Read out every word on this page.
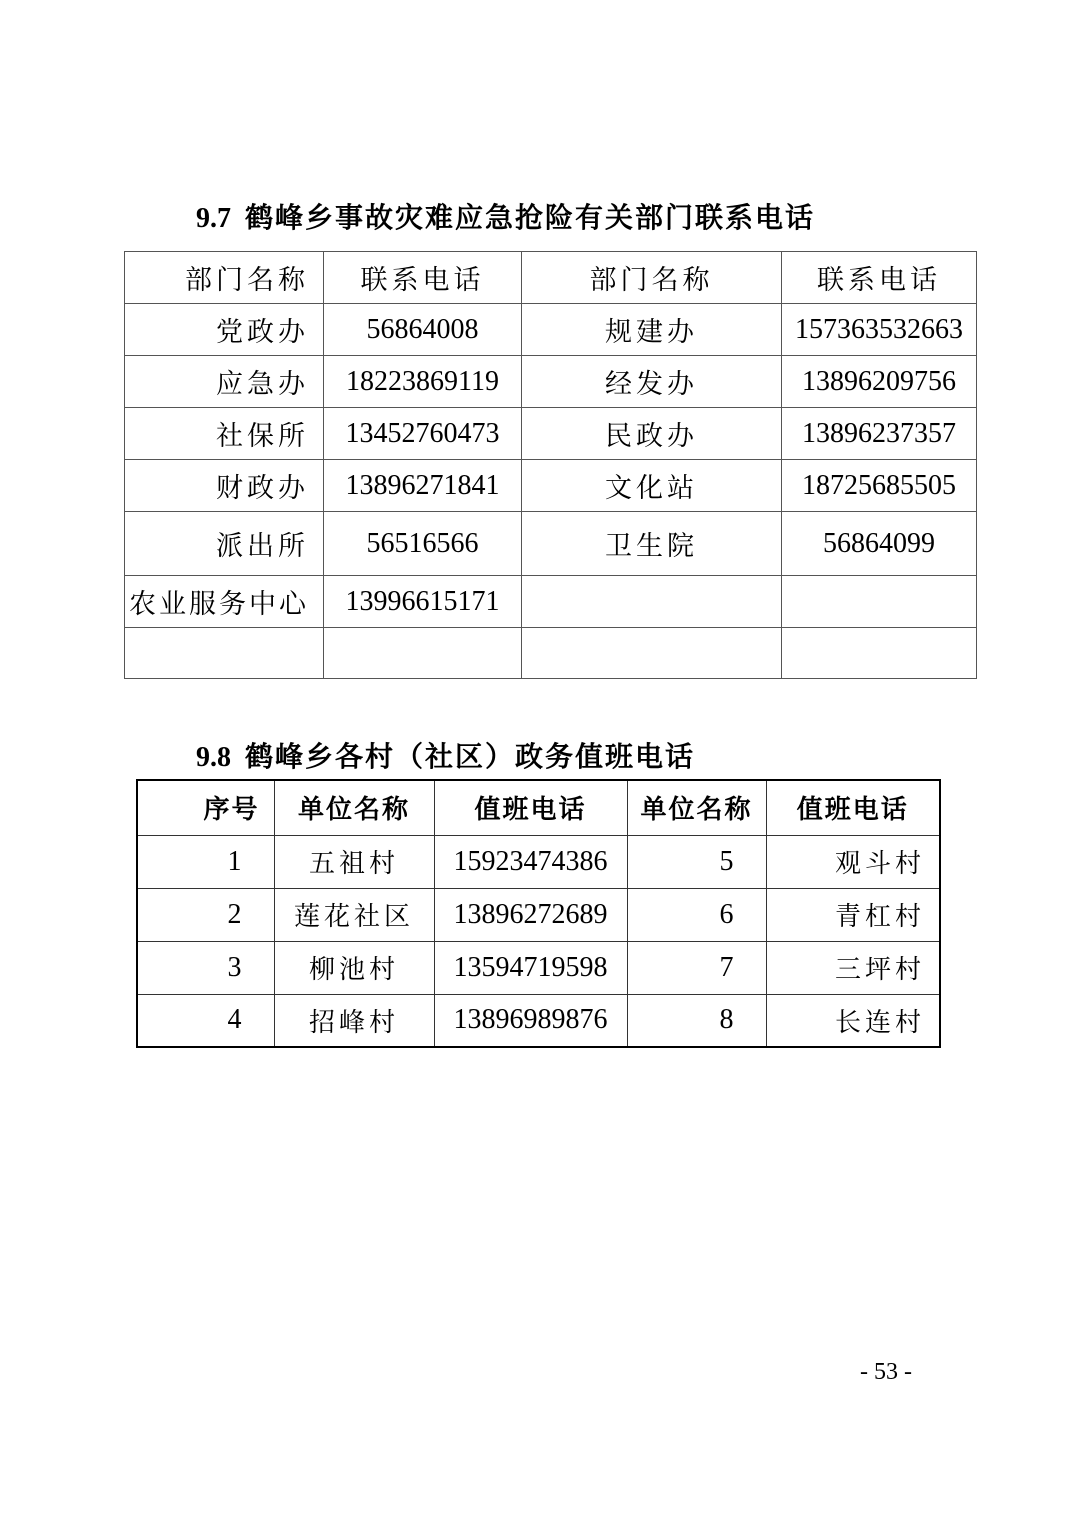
9.7 鹤峰乡事故灾难应急抢险有关部门联系电话
部门名称	联系电话	部门名称	联系电话
党政办	56864008	规建办	157363532663
应急办	18223869119	经发办	13896209756
社保所	13452760473	民政办	13896237357
财政办	13896271841	文化站	18725685505
派出所	56516566	卫生院	56864099
农业服务中心	13996615171		

9.8 鹤峰乡各村（社区）政务值班电话
序号	单位名称	值班电话	单位名称	值班电话
1	五祖村	15923474386	5	观斗村
2	莲花社区	13896272689	6	青杠村
3	柳池村	13594719598	7	三坪村
4	招峰村	13896989876	8	长连村
- 53 -
